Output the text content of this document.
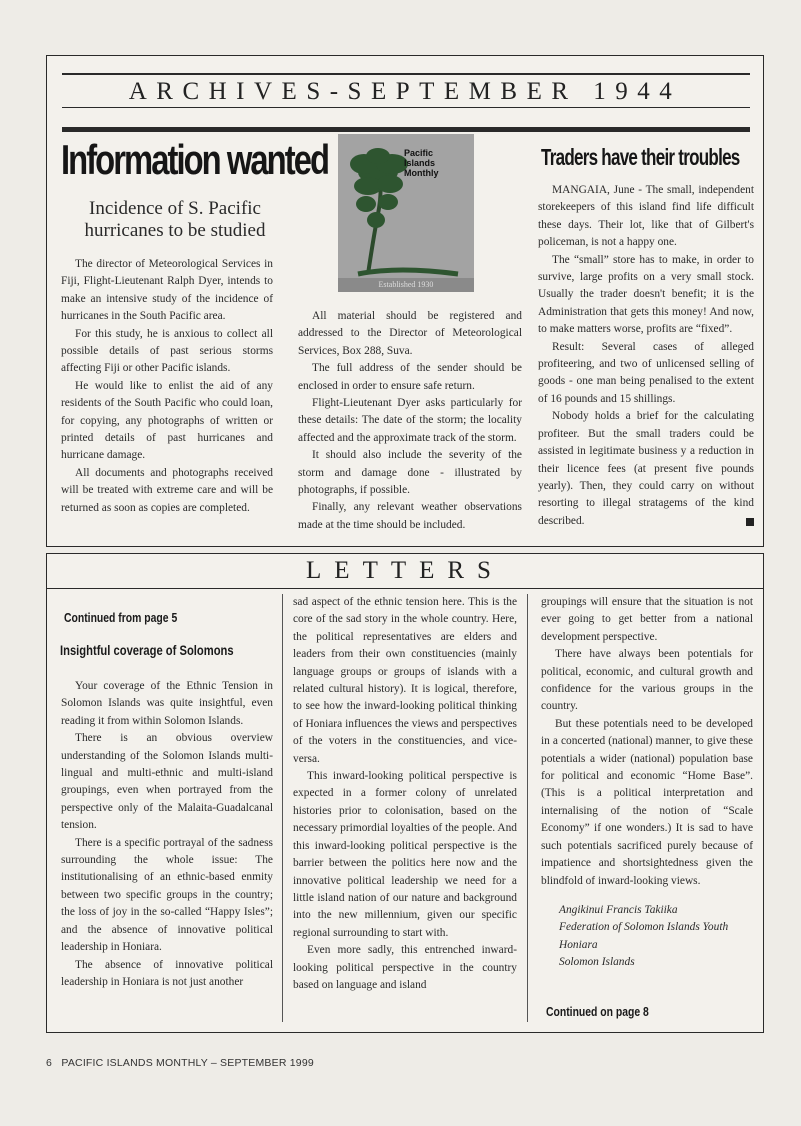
ARCHIVES-SEPTEMBER 1944
Information wanted	Pacific Islands
Monthly
Established 1930
Traders have their troubles
Incidence of S. Pacific hurricanes to be studied

The director of Meteorological Services in Fiji, Flight-Lieutenant Ralph Dyer, intends to make an intensive study of the incidence of hurricanes in the South Pacific area.

For this study, he is anxious to collect all possible details of past serious storms affecting Fiji or other Pacific islands.

He would like to enlist the aid of any residents of the South Pacific who could loan, for copying, any photographs of written or printed details of past hurricanes and hurricane damage.

All documents and photographs received will be treated with extreme care and will be returned as soon as copies are completed.

All material should be registered and addressed to the Director of Meteorological Services, Box 288, Suva.

The full address of the sender should be enclosed in order to ensure safe return.

Flight-Lieutenant Dyer asks particularly for these details: The date of the storm; the locality affected and the approximate track of the storm.

It should also include the severity of the storm and damage done - illustrated by photographs, if possible.

Finally, any relevant weather observations made at the time should be included.

MANGAIA, June - The small, independent storekeepers of this island find life difficult these days. Their lot, like that of Gilbert's policeman, is not a happy one.

The “small” store has to make, in order to survive, large profits on a very small stock. Usually the trader doesn't benefit; it is the Administration that gets this money! And now, to make matters worse, profits are “fixed”.

Result: Several cases of alleged profiteering, and two of unlicensed selling of goods - one man being penalised to the extent of 16 pounds and 15 shillings.

Nobody holds a brief for the calculating profiteer. But the small traders could be assisted in legitimate business y a reduction in their licence fees (at present five pounds yearly). Then, they could carry on without resorting to illegal stratagems of the kind described.

LETTERS
Continued from page 5
Insightful coverage of Solomons

Your coverage of the Ethnic Tension in Solomon Islands was quite insightful, even reading it from within Solomon Islands.

There is an obvious overview understanding of the Solomon Islands multi-lingual and multi-ethnic and multi-island groupings, even when portrayed from the perspective only of the Malaita-Guadalcanal tension.

There is a specific portrayal of the sadness surrounding the whole issue: The institutionalising of an ethnic-based enmity between two specific groups in the country; the loss of joy in the so-called “Happy Isles”; and the absence of innovative political leadership in Honiara.

The absence of innovative political leadership in Honiara is not just another

sad aspect of the ethnic tension here. This is the core of the sad story in the whole country. Here, the political representatives are elders and leaders from their own constituencies (mainly language groups or groups of islands with a related cultural history). It is logical, therefore, to see how the inward-looking political thinking of Honiara influences the views and perspectives of the voters in the constituencies, and vice-versa.

This inward-looking political perspective is expected in a former colony of unrelated histories prior to colonisation, based on the necessary primordial loyalties of the people. And this inward-looking political perspective is the barrier between the politics here now and the innovative political leadership we need for a little island nation of our nature and background into the new millennium, given our specific regional surrounding to start with.

Even more sadly, this entrenched inward-looking political perspective in the country based on language and island

groupings will ensure that the situation is not ever going to get better from a national development perspective.

There have always been potentials for political, economic, and cultural growth and confidence for the various groups in the country.

But these potentials need to be developed in a concerted (national) manner, to give these potentials a wider (national) population base for political and economic “Home Base”. (This is a political interpretation and internalising of the notion of “Scale Economy” if one wonders.) It is sad to have such potentials sacrificed purely because of impatience and shortsightedness given the blindfold of inward-looking views.

Angikinui Francis Takiika

Federation of Solomon Islands Youth

Honiara

Solomon Islands

Continued on page 8
6 PACIFIC ISLANDS MONTHLY – SEPTEMBER 1999
